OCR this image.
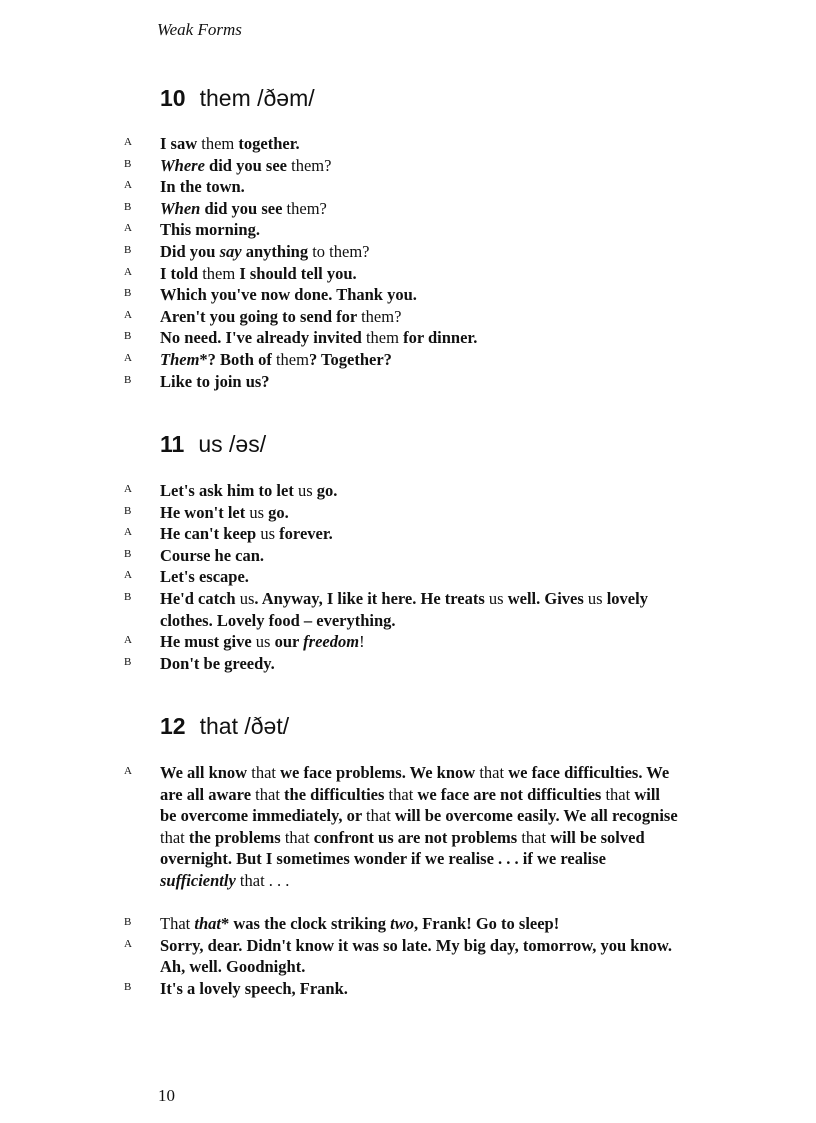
Weak Forms
10 them /ðəm/
A I saw them together.
B Where did you see them?
A In the town.
B When did you see them?
A This morning.
B Did you say anything to them?
A I told them I should tell you.
B Which you've now done. Thank you.
A Aren't you going to send for them?
B No need. I've already invited them for dinner.
A Them*? Both of them? Together?
B Like to join us?
11 us /əs/
A Let's ask him to let us go.
B He won't let us go.
A He can't keep us forever.
B Course he can.
A Let's escape.
B He'd catch us. Anyway, I like it here. He treats us well. Gives us lovely clothes. Lovely food – everything.
A He must give us our freedom!
B Don't be greedy.
12 that /ðət/
A We all know that we face problems. We know that we face difficulties. We are all aware that the difficulties that we face are not difficulties that will be overcome immediately, or that will be overcome easily. We all recognise that the problems that confront us are not problems that will be solved overnight. But I sometimes wonder if we realise . . . if we realise sufficiently that . . .
B That that* was the clock striking two, Frank! Go to sleep!
A Sorry, dear. Didn't know it was so late. My big day, tomorrow, you know. Ah, well. Goodnight.
B It's a lovely speech, Frank.
10
